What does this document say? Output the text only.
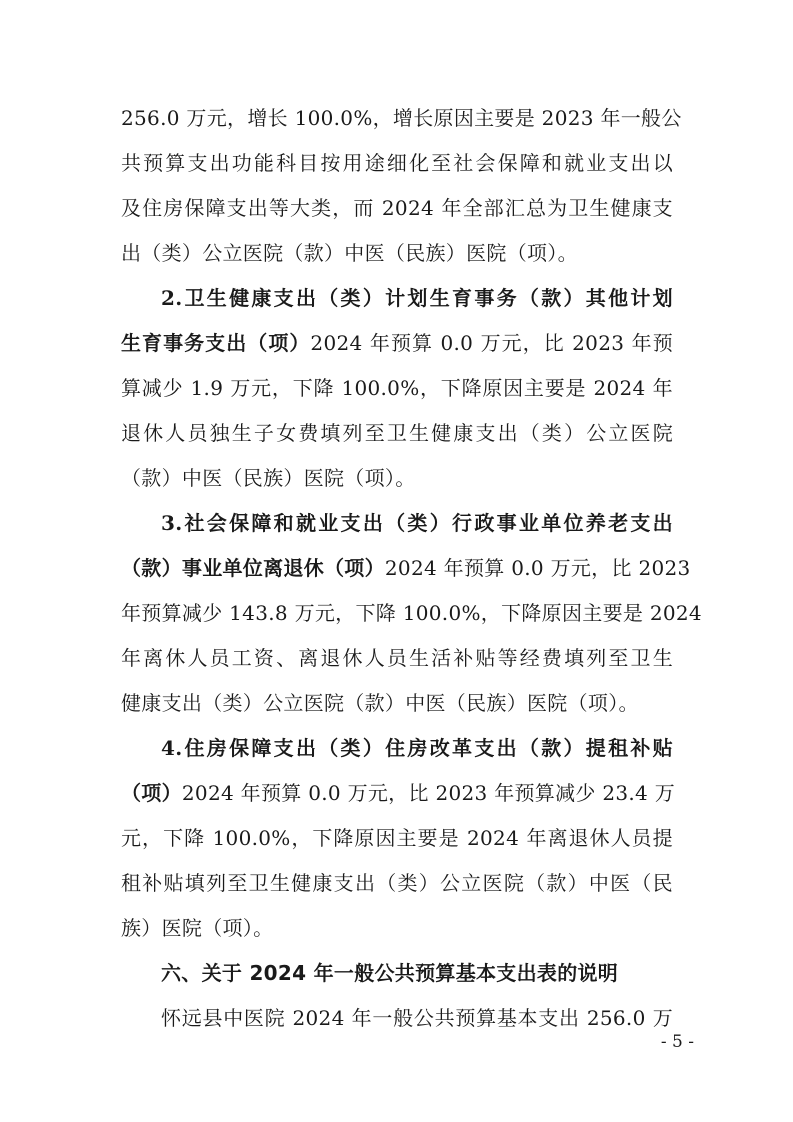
256.0 万元，增长 100.0%，增长原因主要是 2023 年一般公
共预算支出功能科目按用途细化至社会保障和就业支出以
及住房保障支出等大类，而 2024 年全部汇总为卫生健康支
出（类）公立医院（款）中医（民族）医院（项）。
2.卫生健康支出（类）计划生育事务（款）其他计划
生育事务支出（项）2024 年预算 0.0 万元，比 2023 年预
算减少 1.9 万元，下降 100.0%，下降原因主要是 2024 年
退休人员独生子女费填列至卫生健康支出（类）公立医院
（款）中医（民族）医院（项）。
3.社会保障和就业支出（类）行政事业单位养老支出
（款）事业单位离退休（项）2024 年预算 0.0 万元，比 2023
年预算减少 143.8 万元，下降 100.0%，下降原因主要是 2024
年离休人员工资、离退休人员生活补贴等经费填列至卫生
健康支出（类）公立医院（款）中医（民族）医院（项）。
4.住房保障支出（类）住房改革支出（款）提租补贴
（项）2024 年预算 0.0 万元，比 2023 年预算减少 23.4 万
元，下降 100.0%，下降原因主要是 2024 年离退休人员提
租补贴填列至卫生健康支出（类）公立医院（款）中医（民
族）医院（项）。
六、关于 2024 年一般公共预算基本支出表的说明
怀远县中医院 2024 年一般公共预算基本支出 256.0 万
- 5 -
